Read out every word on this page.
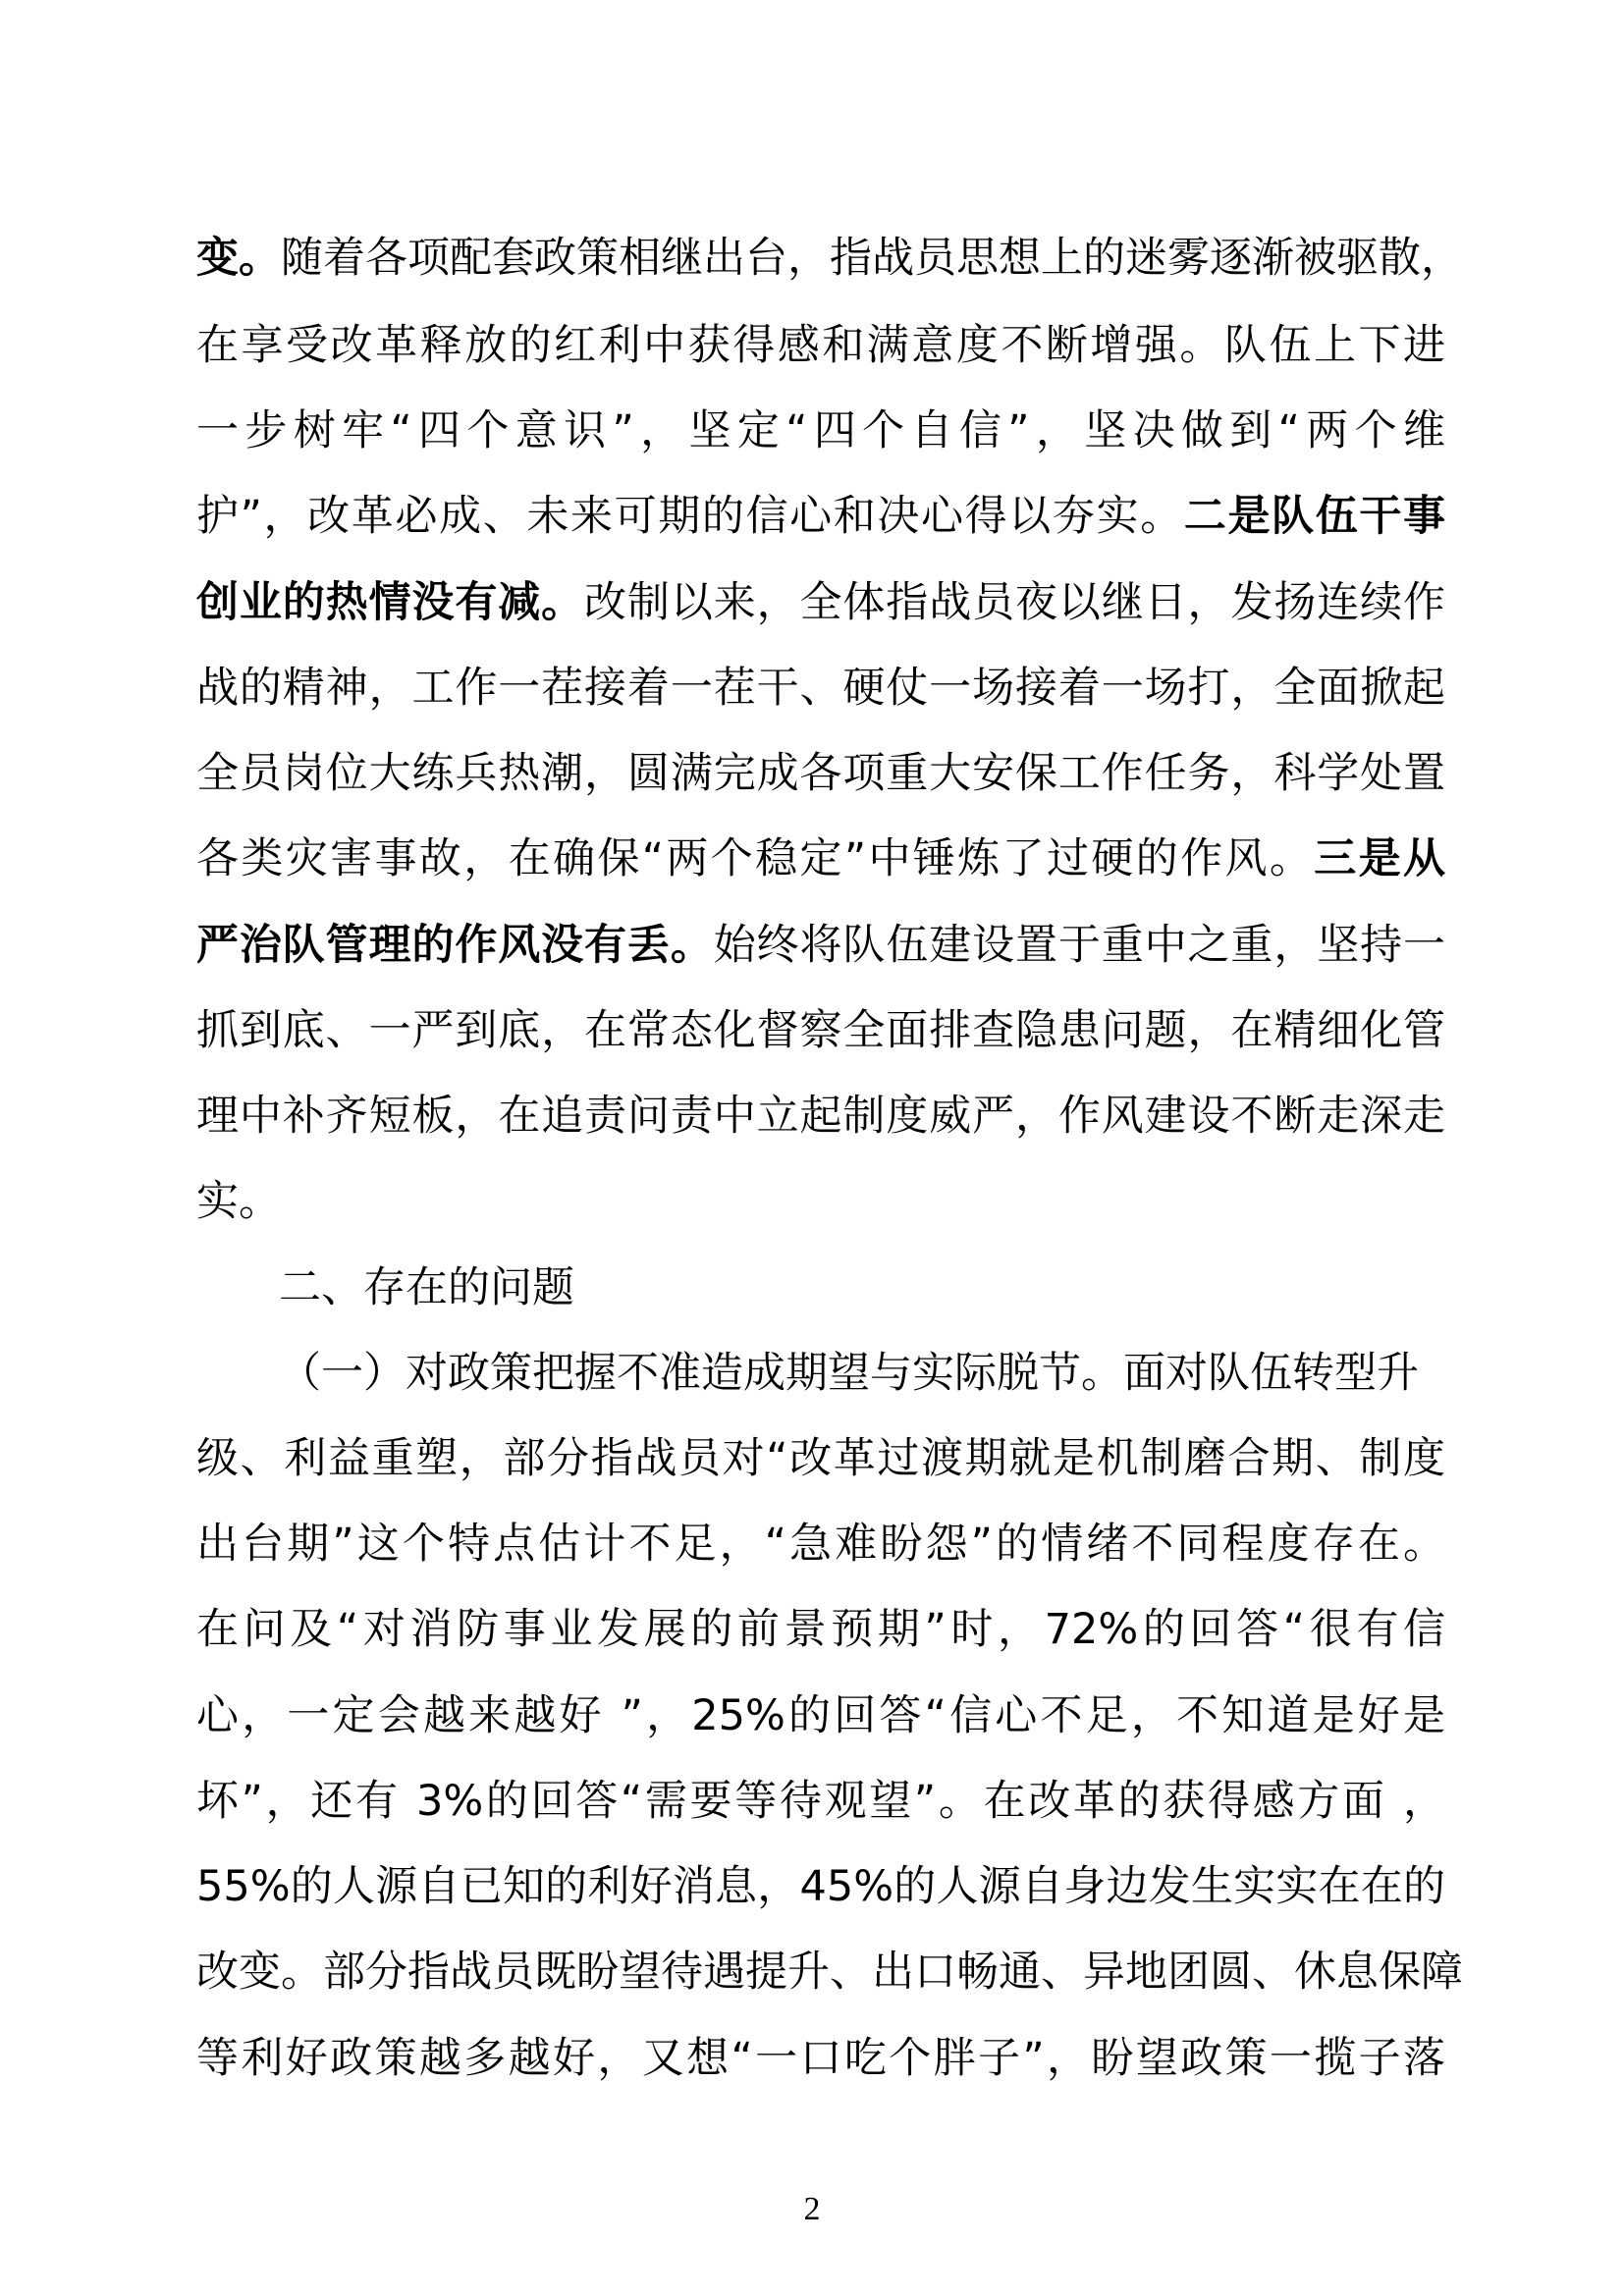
变。随着各项配套政策相继出台，指战员思想上的迷雾逐渐被驱散，
在享受改革释放的红利中获得感和满意度不断增强。队伍上下进
一步树牢“四个意识”，坚定“四个自信”，坚决做到“两个维
护”，改革必成、未来可期的信心和决心得以夯实。二是队伍干事
创业的热情没有减。改制以来，全体指战员夜以继日，发扬连续作
战的精神，工作一茬接着一茬干、硬仗一场接着一场打，全面掀起
全员岗位大练兵热潮，圆满完成各项重大安保工作任务，科学处置
各类灾害事故，在确保“两个稳定”中锤炼了过硬的作风。三是从
严治队管理的作风没有丢。始终将队伍建设置于重中之重，坚持一
抓到底、一严到底，在常态化督察全面排查隐患问题，在精细化管
理中补齐短板，在追责问责中立起制度威严，作风建设不断走深走
实。
二、存在的问题
（一）对政策把握不准造成期望与实际脱节。面对队伍转型升
级、利益重塑，部分指战员对“改革过渡期就是机制磨合期、制度
出台期”这个特点估计不足，“急难盼怨”的情绪不同程度存在。
在问及“对消防事业发展的前景预期”时，72%的回答“很有信
心，一定会越来越好 ”，25%的回答“信心不足，不知道是好是
坏”，还有 3%的回答“需要等待观望”。在改革的获得感方面 ，
55%的人源自已知的利好消息，45%的人源自身边发生实实在在的
改变。部分指战员既盼望待遇提升、出口畅通、异地团圆、休息保障
等利好政策越多越好，又想“一口吃个胖子”，盼望政策一揽子落
2
